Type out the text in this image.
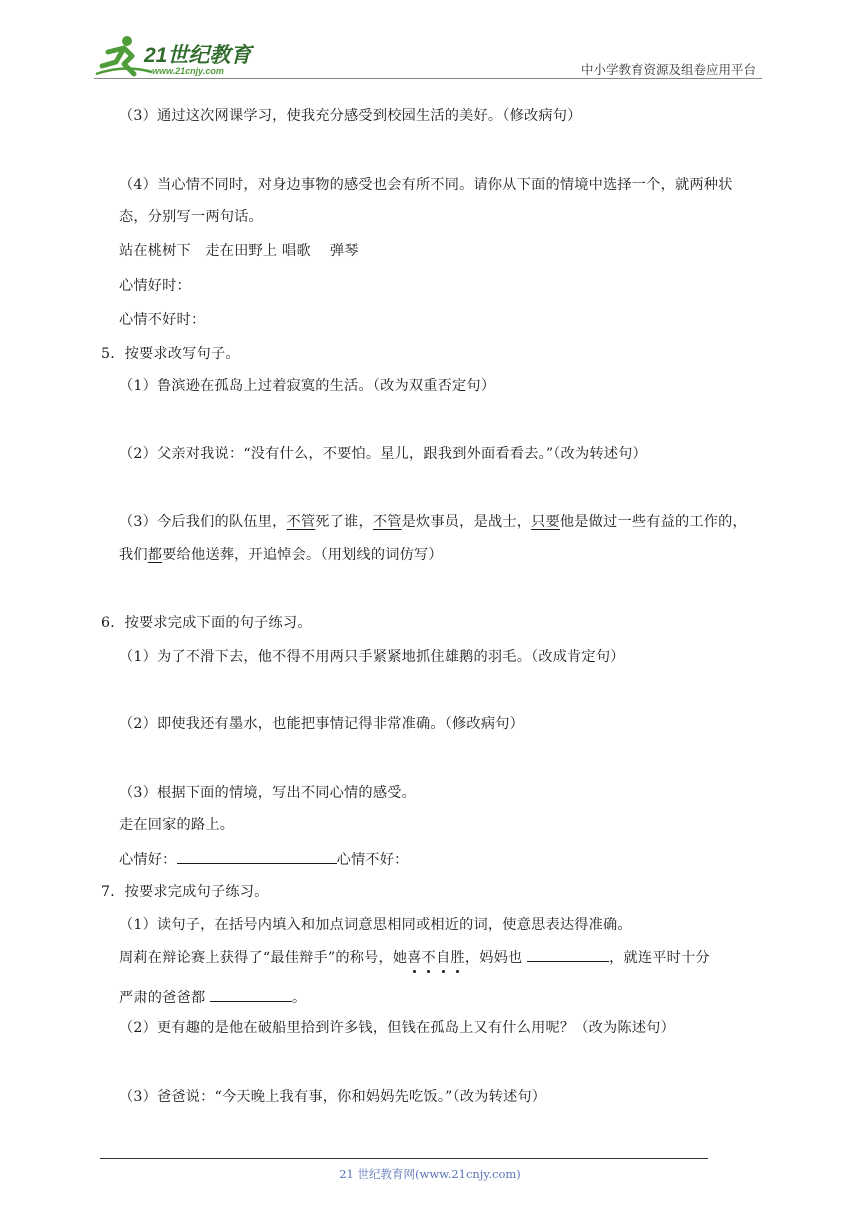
21世纪教育
www.21cnjy.com	中小学教育资源及组卷应用平台
（3）通过这次网课学习，使我充分感受到校园生活的美好。（修改病句）
（4）当心情不同时，对身边事物的感受也会有所不同。请你从下面的情境中选择一个，就两种状
态，分别写一两句话。
站在桃树下　走在田野上 唱歌　 弹琴
心情好时：
心情不好时：
5．按要求改写句子。
（1）鲁滨逊在孤岛上过着寂寞的生活。（改为双重否定句）
（2）父亲对我说：“没有什么，不要怕。星儿，跟我到外面看看去。”（改为转述句）
（3）今后我们的队伍里，不管死了谁，不管是炊事员，是战士，只要他是做过一些有益的工作的，
我们都要给他送葬，开追悼会。（用划线的词仿写）
6．按要求完成下面的句子练习。
（1）为了不滑下去，他不得不用两只手紧紧地抓住雄鹅的羽毛。（改成肯定句）
（2）即使我还有墨水，也能把事情记得非常准确。（修改病句）
（3）根据下面的情境，写出不同心情的感受。
走在回家的路上。
心情好：	心情不好：
7．按要求完成句子练习。
（1）读句子，在括号内填入和加点词意思相同或相近的词，使意思表达得准确。
周莉在辩论赛上获得了“最佳辩手”的称号，她喜不自胜，妈妈也	，就连平时十分
严肃的爸爸都	。
（2）更有趣的是他在破船里拾到许多钱，但钱在孤岛上又有什么用呢？（改为陈述句）
（3）爸爸说：“今天晚上我有事，你和妈妈先吃饭。”（改为转述句）
21 世纪教育网(www.21cnjy.com)
